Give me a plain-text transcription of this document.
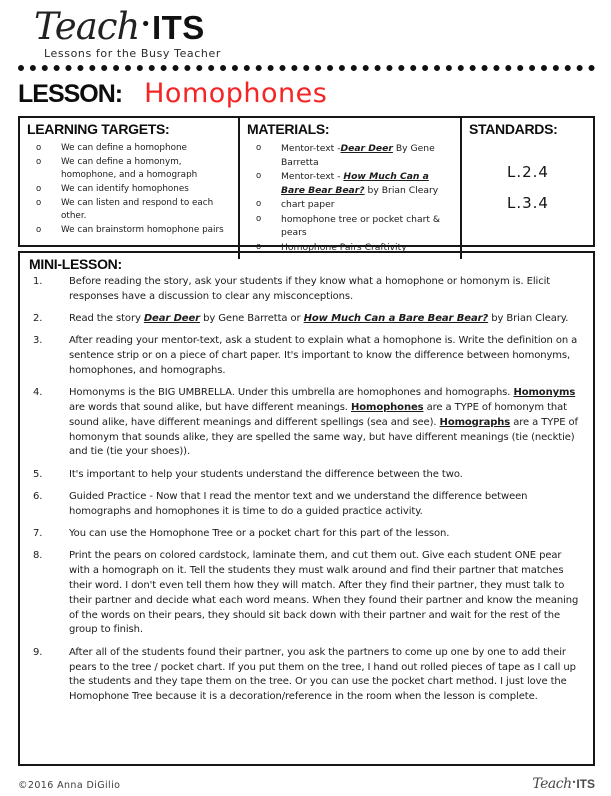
Teach•ITS
Lessons for the Busy Teacher
LESSON: Homophones
LEARNING TARGETS:
o	We can define a homophone
o	We can define a homonym, homophone, and a homograph
o	We can identify homophones
o	We can listen and respond to each other.
o	We can brainstorm homophone pairs
MATERIALS:
o	Mentor-text -Dear Deer By Gene Barretta
o	Mentor-text - How Much Can a Bare Bear Bear? by Brian Cleary
o	chart paper
o	homophone tree or pocket chart & pears
o	Homophone Pairs Craftivity
STANDARDS:
L.2.4
L.3.4
MINI-LESSON:
1.	Before reading the story, ask your students if they know what a homophone or homonym is. Elicit responses have a discussion to clear any misconceptions.
2.	Read the story Dear Deer by Gene Barretta or How Much Can a Bare Bear Bear? by Brian Cleary.
3.	After reading your mentor-text, ask a student to explain what a homophone is. Write the definition on a sentence strip or on a piece of chart paper. It's important to know the difference between homonyms, homophones, and homographs.
4.	Homonyms is the BIG UMBRELLA. Under this umbrella are homophones and homographs. Homonyms are words that sound alike, but have different meanings. Homophones are a TYPE of homonym that sound alike, have different meanings and different spellings (sea and see). Homographs are a TYPE of homonym that sounds alike, they are spelled the same way, but have different meanings (tie (necktie) and tie (tie your shoes)).
5.	It's important to help your students understand the difference between the two.
6.	Guided Practice - Now that I read the mentor text and we understand the difference between homographs and homophones it is time to do a guided practice activity.
7.	You can use the Homophone Tree or a pocket chart for this part of the lesson.
8.	Print the pears on colored cardstock, laminate them, and cut them out. Give each student ONE pear with a homograph on it. Tell the students they must walk around and find their partner that matches their word. I don't even tell them how they will match. After they find their partner, they must talk to their partner and decide what each word means. When they found their partner and know the meaning of the words on their pears, they should sit back down with their partner and wait for the rest of the group to finish.
9.	After all of the students found their partner, you ask the partners to come up one by one to add their pears to the tree / pocket chart. If you put them on the tree, I hand out rolled pieces of tape as I call up the students and they tape them on the tree. Or you can use the pocket chart method. I just love the Homophone Tree because it is a decoration/reference in the room when the lesson is complete.
©2016 Anna DiGilio	Teach•ITS
